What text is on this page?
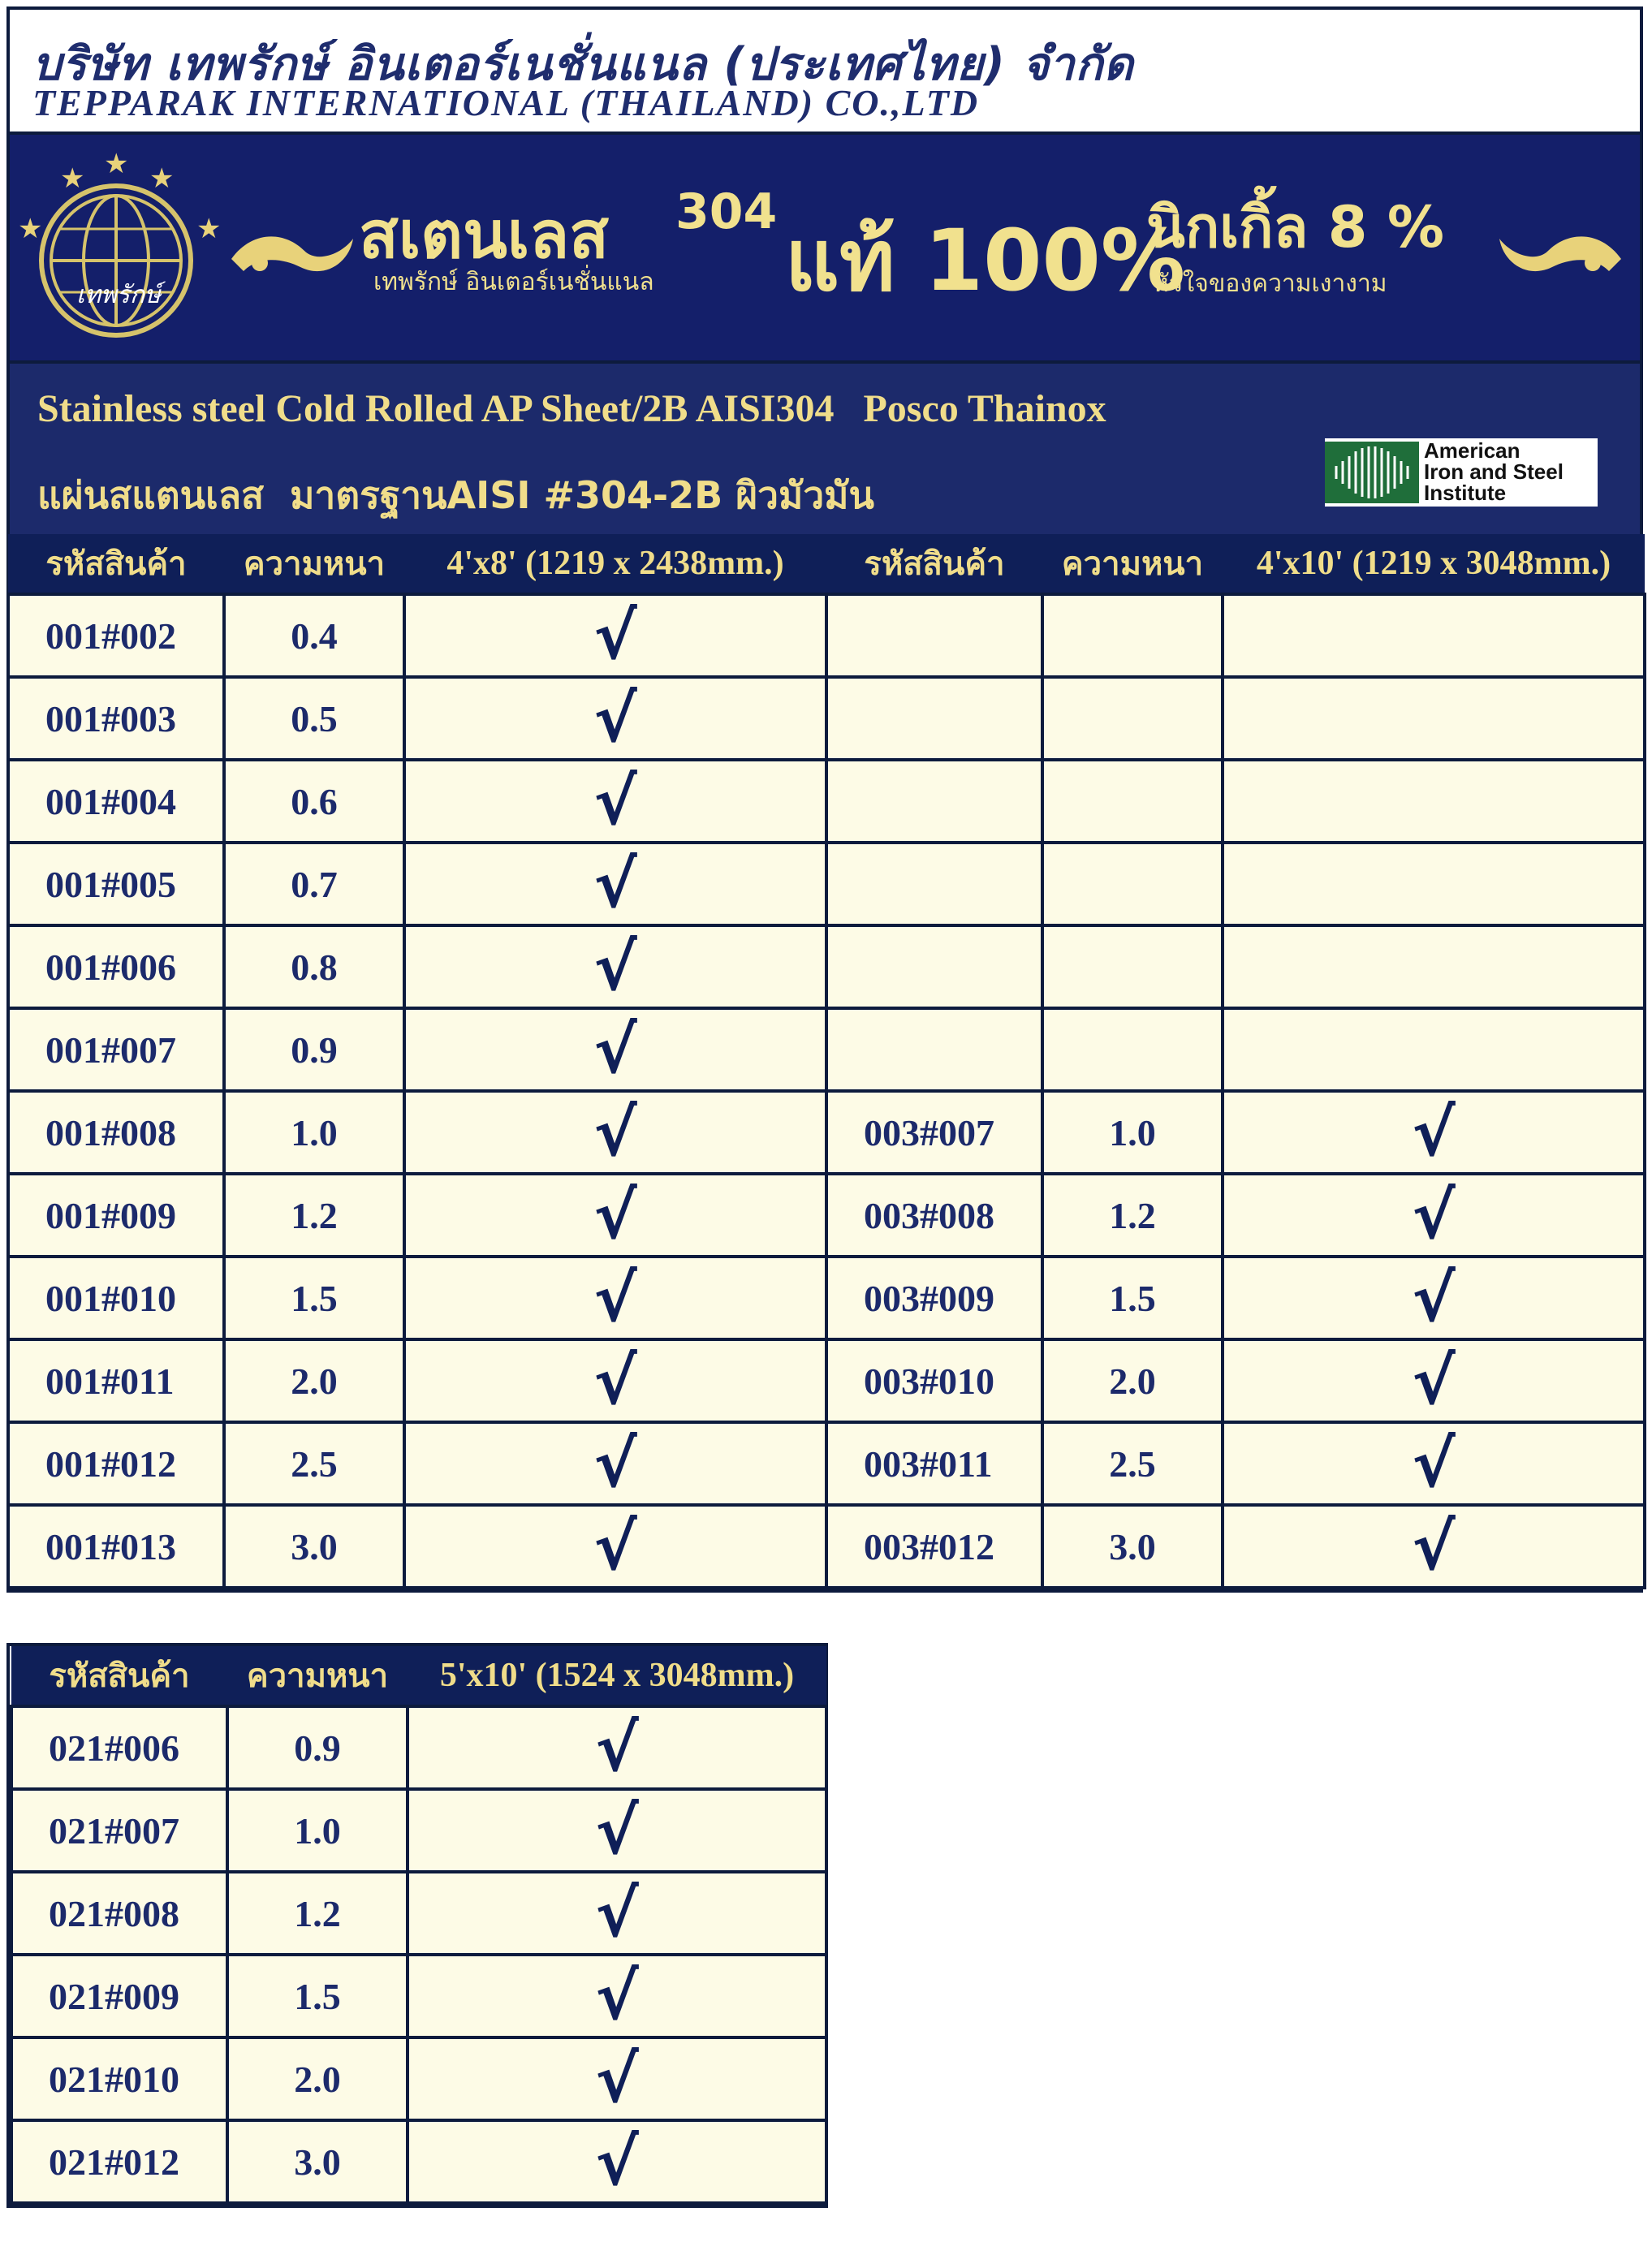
บริษัท เทพรักษ์ อินเตอร์เนชั่นแนล (ประเทศไทย) จำกัด
TEPPARAK INTERNATIONAL (THAILAND) CO.,LTD
เทพรักษ์
★ ★ ★
★	★ สเตนเลส 304
เทพรักษ์ อินเตอร์เนชั่นแนล แท้ 100%
นิกเกิ้ล 8 %
หัวใจของความเงางาม
Stainless steel Cold Rolled AP Sheet/2B AISI304   Posco Thainox
แผ่นสแตนเลส  มาตรฐานAISI #304-2B ผิวมัวมัน
American
Iron and Steel
Institute
รหัสสินค้า	ความหนา	4'x8' (1219 x 2438mm.)	รหัสสินค้า	ความหนา	4'x10' (1219 x 3048mm.)
001#002	0.4	√			
001#003	0.5	√			
001#004	0.6	√			
001#005	0.7	√			
001#006	0.8	√			
001#007	0.9	√			
001#008	1.0	√	003#007	1.0	√
001#009	1.2	√	003#008	1.2	√
001#010	1.5	√	003#009	1.5	√
001#011	2.0	√	003#010	2.0	√
001#012	2.5	√	003#011	2.5	√
001#013	3.0	√	003#012	3.0	√
รหัสสินค้า	ความหนา	5'x10' (1524 x 3048mm.)
021#006	0.9	√
021#007	1.0	√
021#008	1.2	√
021#009	1.5	√
021#010	2.0	√
021#012	3.0	√
